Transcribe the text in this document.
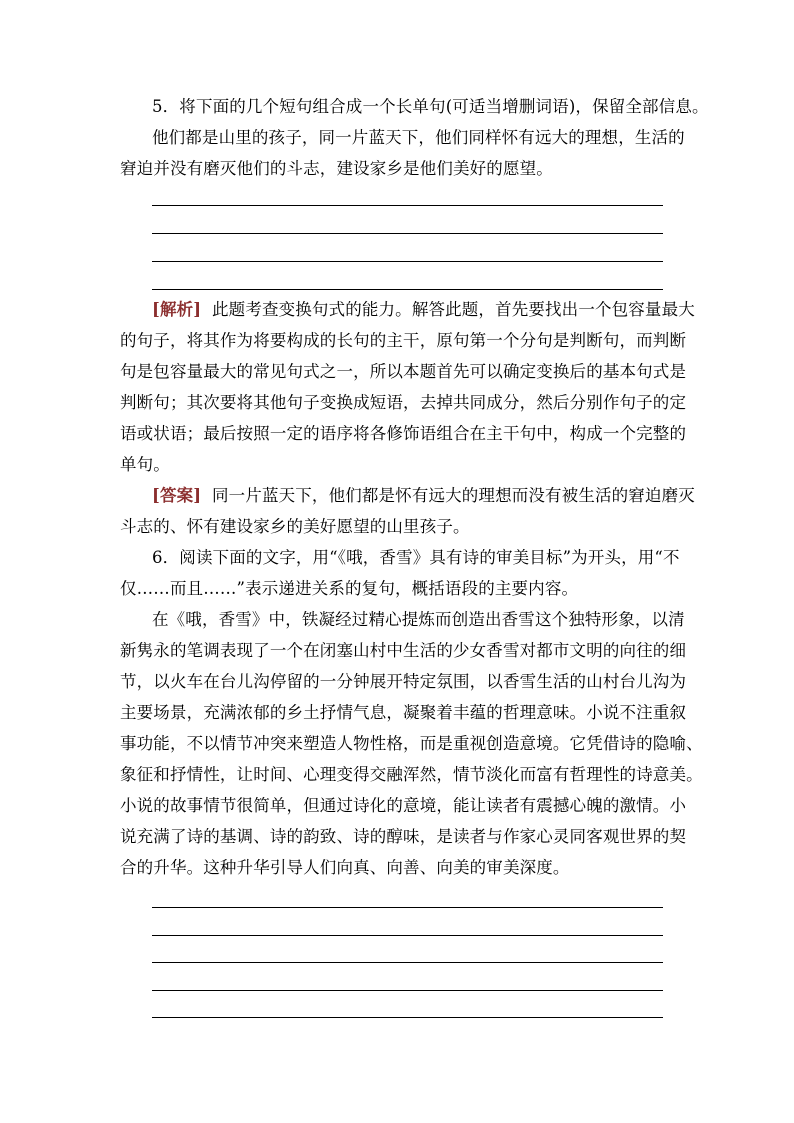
5．将下面的几个短句组合成一个长单句(可适当增删词语)，保留全部信息。
他们都是山里的孩子，同一片蓝天下，他们同样怀有远大的理想，生活的
窘迫并没有磨灭他们的斗志，建设家乡是他们美好的愿望。
[解析] 此题考查变换句式的能力。解答此题，首先要找出一个包容量最大
的句子，将其作为将要构成的长句的主干，原句第一个分句是判断句，而判断
句是包容量最大的常见句式之一，所以本题首先可以确定变换后的基本句式是
判断句；其次要将其他句子变换成短语，去掉共同成分，然后分别作句子的定
语或状语；最后按照一定的语序将各修饰语组合在主干句中，构成一个完整的
单句。
[答案] 同一片蓝天下，他们都是怀有远大的理想而没有被生活的窘迫磨灭
斗志的、怀有建设家乡的美好愿望的山里孩子。
6．阅读下面的文字，用“《哦，香雪》具有诗的审美目标”为开头，用“不
仅……而且……”表示递进关系的复句，概括语段的主要内容。
在《哦，香雪》中，铁凝经过精心提炼而创造出香雪这个独特形象，以清
新隽永的笔调表现了一个在闭塞山村中生活的少女香雪对都市文明的向往的细
节，以火车在台儿沟停留的一分钟展开特定氛围，以香雪生活的山村台儿沟为
主要场景，充满浓郁的乡土抒情气息，凝聚着丰蕴的哲理意味。小说不注重叙
事功能，不以情节冲突来塑造人物性格，而是重视创造意境。它凭借诗的隐喻、
象征和抒情性，让时间、心理变得交融浑然，情节淡化而富有哲理性的诗意美。
小说的故事情节很简单，但通过诗化的意境，能让读者有震撼心魄的激情。小
说充满了诗的基调、诗的韵致、诗的醇味，是读者与作家心灵同客观世界的契
合的升华。这种升华引导人们向真、向善、向美的审美深度。
